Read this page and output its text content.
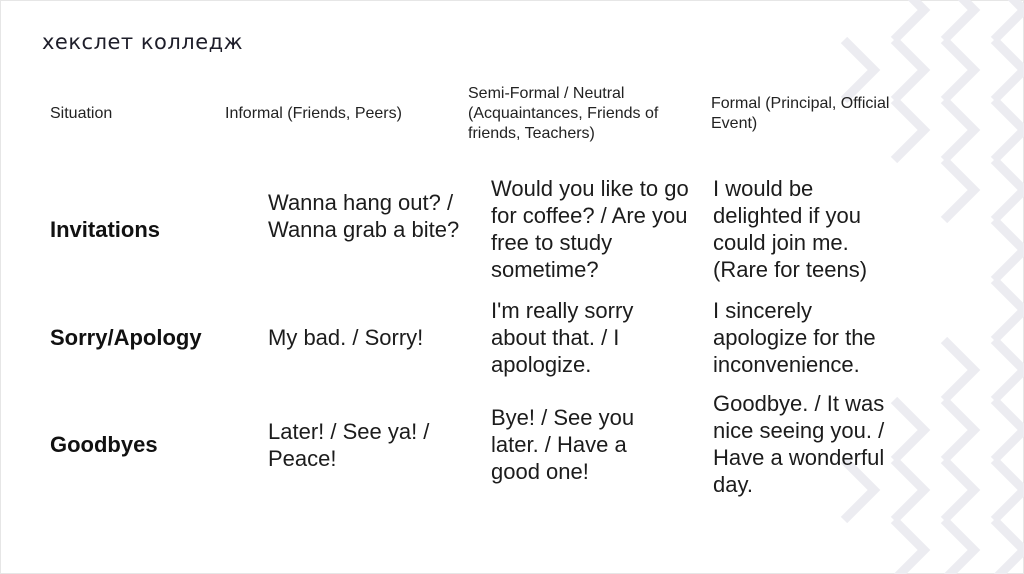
хекслет колледж
Situation	Informal (Friends, Peers)
Semi-Formal / Neutral (Acquaintances, Friends of friends, Teachers)
Formal (Principal, Official Event)
Invitations
Wanna hang out? / Wanna grab a bite?
Would you like to go for coffee? / Are you free to study sometime?
I would be delighted if you could join me. (Rare for teens)
Sorry/Apology	My bad. / Sorry!
I'm really sorry about that. / I apologize.
I sincerely apologize for the inconvenience.
Goodbyes
Later! / See ya! / Peace!
Bye! / See you later. / Have a good one!
Goodbye. / It was nice seeing you. / Have a wonderful day.
